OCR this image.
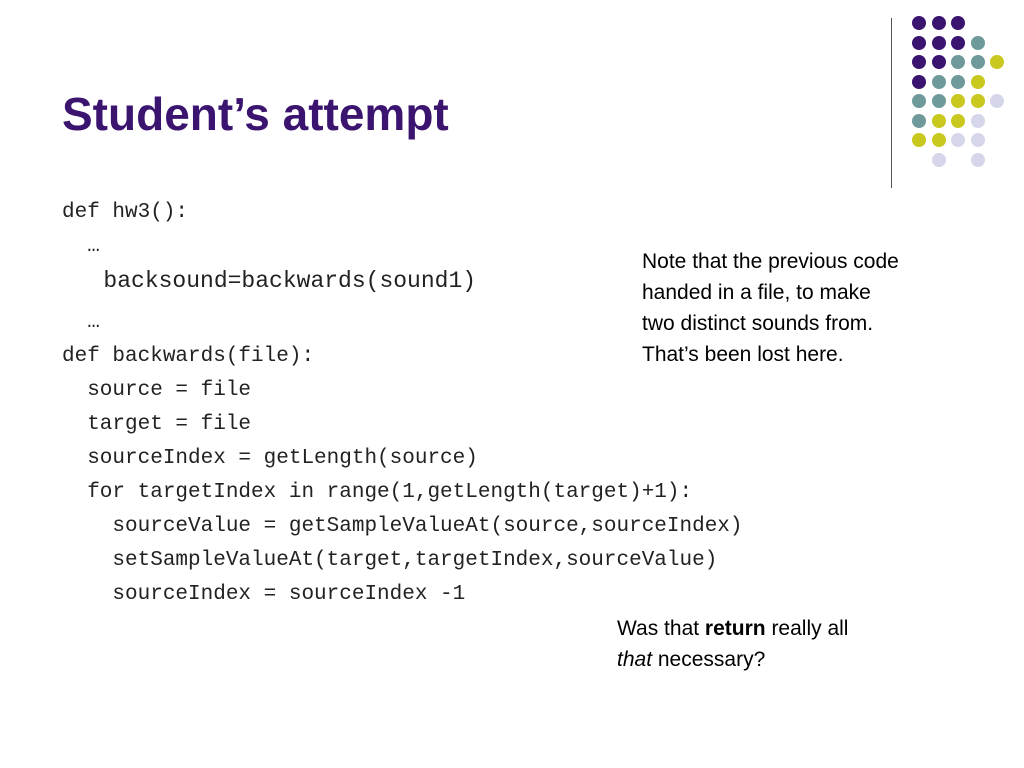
Student’s attempt
def hw3():
…
backsound=backwards(sound1)
…
def backwards(file):
source = file
target = file
sourceIndex = getLength(source)
for targetIndex in range(1,getLength(target)+1):
sourceValue = getSampleValueAt(source,sourceIndex)
setSampleValueAt(target,targetIndex,sourceValue)
sourceIndex = sourceIndex -1
Note that the previous code handed in a file, to make two distinct sounds from. That’s been lost here.
Was that return really all
that necessary?
